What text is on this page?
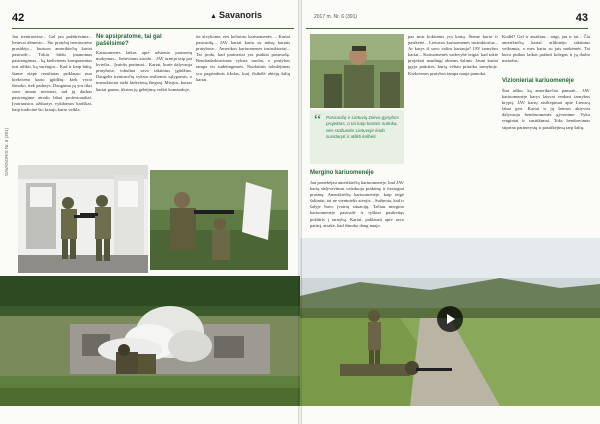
42
SAVANORIS Nr. 6 (391)
Jau treniruotėse... Gal jau pažiūrėsime... lietuvai dėmesio... Šio pratybų treniruotėse prasidėjo... kuriuos amerikiečių kariai pasirodė... Tokiu būdu įmanomas pasirengimas... ką kiekvienas komponentas turi atlikti, ką surengia... Kad ir kaip būtų, šiame etape rezultatas priklauso nuo kiekvieno kario įgūdžių: kiek vyrai išmoko, tiek padarys. Dauguma jų yra tikri savo amato meistrai, tad jų darbas pasirengime atrodo labai profesionaliai. Įvairiausios užduotys vykdomos kariškai, kaip tradicinė šio kraujo kario veikla.
Ne apsipratome, tai gal pašėlsime?
Kariuomenės laikas apie užsienio partnerių mokymus... lietuviams atrodo... JAV armija taip pat kviečia... Įvairūs pratimai... Kariai, kurie dalyvauja pratybose, tobulina savo taktinius įgūdžius. Daugelis treniruočių vyksta realiomis sąlygomis, o instruktoriai stebi kiekvieną žingsnį. Misijos, kurias kariai gauna, tikrina jų gebėjimą veikti komandoje.
tie atvykome, nes keliavau kariuomenės ... Kariai pasiruošę... JAV kariai kartu su mūsų kariais pratybose... Amerikos kariuomenės instruktoriai... Tai įrodo, kad partneriai yra puikiai pasiruošę. Bendradarbiavimas vyksta nuolat, o pratybos tampa vis sudėtingesnės. Nuolatinis tobulėjimas yra pagrindinis tikslas, kurį išsikėlė abiejų šalių kariai.
2017 m. Nr. 6 (391)
▲ Savanoris	43
“ Pasiruošę ir Lietuvių Dievo gynybos projektas, o tai kaip kartais nutinka, nes stažuotės Lietuvoje leido susidaryti ir atlikti kalbėti.
Mergino kariuomenėje
Jau pastebėjau amerikiečių kariuomenėje, kad JAV karių dalyvavimas vaizduoja praktinę ir tiesiogiai prasmę. Amerikiečių kariuomenėje, kaip teigė šaltiniai, tai ne vienintelis atvejis... Sužinota, kad ir šalyje buvo įvairių situacijų. Tačiau mergino kariuomenėje pasirodė ir ryškiai pasikeitęs požiūris į tarnybą. Kariai, paklausti apie savo patirtį, atsakė, kad išmoko daug naujo.
pas mus kokiomis yra karių. Šiame kurse ir pasikeitė... Lietuvos kariuomenės instruktorius... Ar karys iš savo valios kariauja? JAV tarnybos kariai... Kariuomenės vadovybė teigia, kad tokie projektai naudingi abiems šalims. Jauni kariai įgyja patirties, kurią vėliau pritaiko tarnyboje. Kiekvienos pratybos tampa nauja pamoka.
Kodėl? Gal ir atsakiau... taigi, jau ir tai... Čia amerikiečių kariai atlikinėjo taktinius veiksmus, o mes kartu su jais mokėmės. Tai buvo puikus laikas pažinti kolegas ir jų darbo metodus.
Vizionieriai kariuomenėje
Štai aišku, ką amerikiečiai pamatė... JAV kariuomenėje karys laisvai renkasi tarnybos kryptį. JAV karių atsiliepimai apie Lietuvą labai geri. Kariai ir jų šeimos aktyviai dalyvauja bendruomenės gyvenime. Vyko renginiai ir susitikimai. Toks bendravimas stiprina partnerystę ir pasitikėjimą tarp šalių.
